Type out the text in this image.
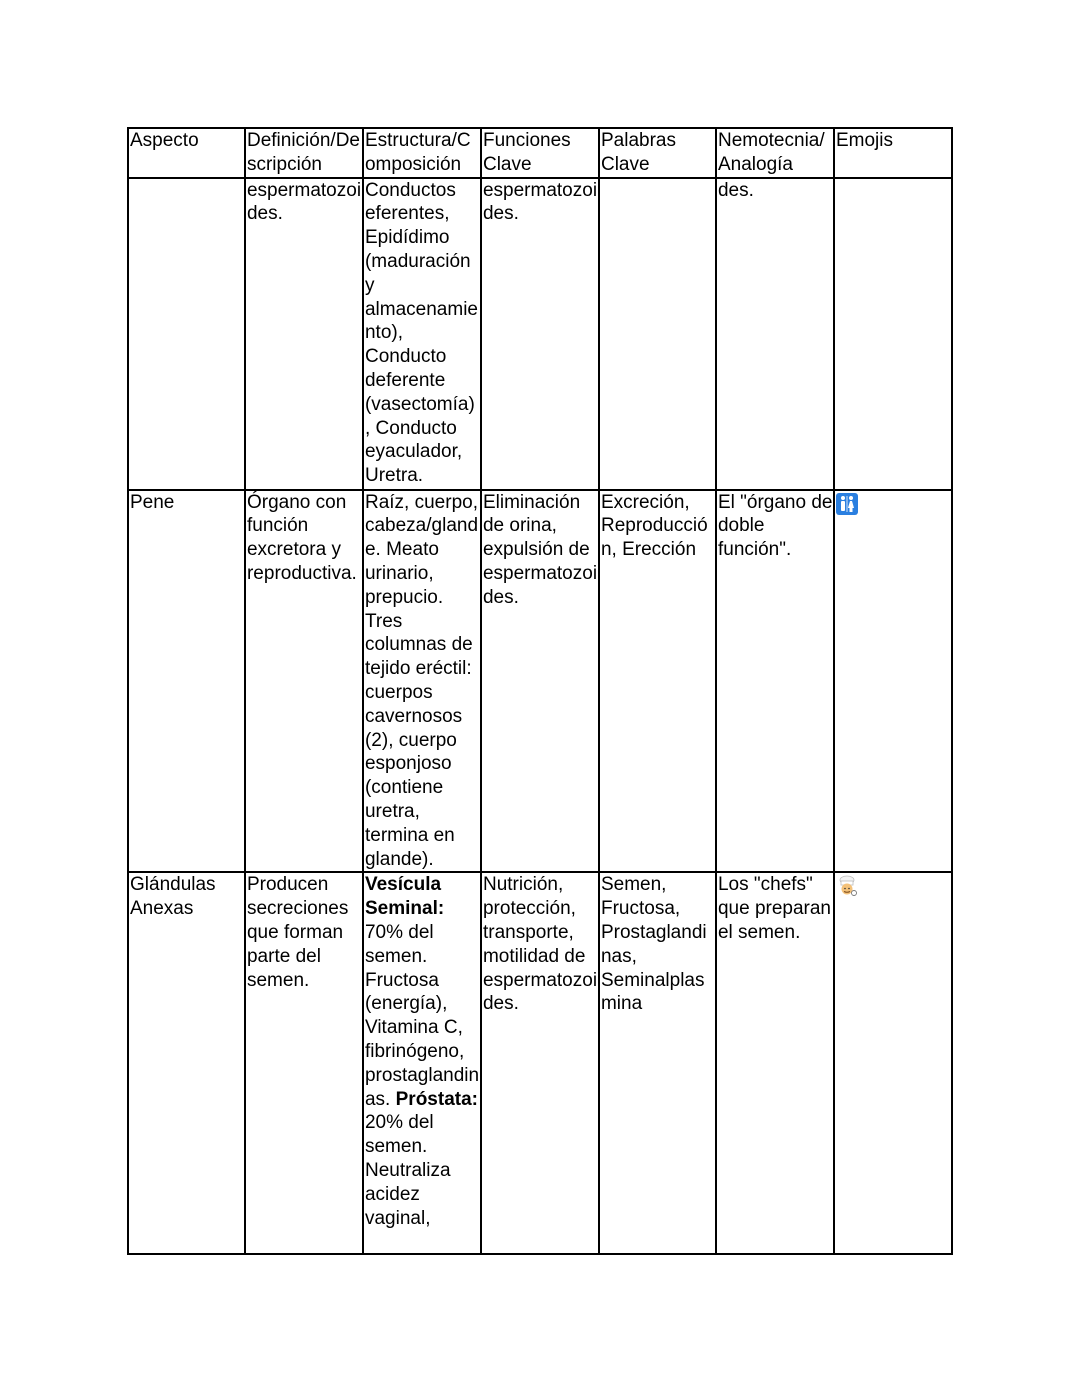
Aspecto	Definición/Descripción	Estructura/Composición	Funciones Clave	Palabras Clave	Nemotecnia/ Analogía	Emojis
	espermatozoides.	Conductos eferentes, Epidídimo (maduración y almacenamiento), Conducto deferente (vasectomía), Conducto eyaculador, Uretra.	espermatozoides.		des.	
Pene	Órgano con función excretora y reproductiva.	Raíz, cuerpo, cabeza/glande. Meato urinario, prepucio. Tres columnas de tejido eréctil: cuerpos cavernosos (2), cuerpo esponjoso (contiene uretra, termina en glande).	Eliminación de orina, expulsión de espermatozoides.	Excreción, Reproducción, Erección	El "órgano de doble función".	

Glándulas Anexas	Producen secreciones que forman parte del semen.	Vesícula Seminal: 70% del semen. Fructosa (energía), Vitamina C, fibrinógeno, prostaglandinas. Próstata: 20% del semen. Neutraliza acidez vaginal,	Nutrición, protección, transporte, motilidad de espermatozoides.	Semen, Fructosa, Prostaglandinas, Seminalplasmina	Los "chefs" que preparan el semen.	
